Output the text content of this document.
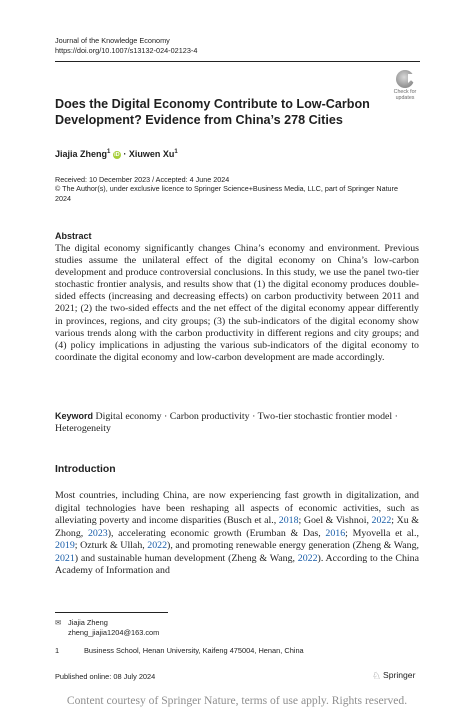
Journal of the Knowledge Economy
https://doi.org/10.1007/s13132-024-02123-4
Check for
updates
Does the Digital Economy Contribute to Low-Carbon
Development? Evidence from China’s 278 Cities
Jiajia Zheng$^1$ iD · Xiuwen Xu$^1$
Received: 10 December 2023 / Accepted: 4 June 2024
© The Author(s), under exclusive licence to Springer Science+Business Media, LLC, part of Springer Nature
2024
Abstract
The digital economy significantly changes China’s economy and environment. Previous studies assume the unilateral effect of the digital economy on China’s low-carbon development and produce controversial conclusions. In this study, we use the panel two-tier stochastic frontier analysis, and results show that (1) the digital economy produces double-sided effects (increasing and decreasing effects) on carbon productivity between 2011 and 2021; (2) the two-sided effects and the net effect of the digital economy appear differently in provinces, regions, and city groups; (3) the sub-indicators of the digital economy show various trends along with the carbon productivity in different regions and city groups; and (4) policy implications in adjusting the various sub-indicators of the digital economy to coordinate the digital economy and low-carbon development are made accordingly.
Keyword Digital economy · Carbon productivity · Two-tier stochastic frontier model · Heterogeneity
Introduction
Most countries, including China, are now experiencing fast growth in digitalization, and digital technologies have been reshaping all aspects of economic activities, such as alleviating poverty and income disparities (Busch et al., 2018; Goel & Vishnoi, 2022; Xu & Zhong, 2023), accelerating economic growth (Erumban & Das, 2016; Myovella et al., 2019; Ozturk & Ullah, 2022), and promoting renewable energy generation (Zheng & Wang, 2021) and sustainable human development (Zheng & Wang, 2022). According to the China Academy of Information and
✉ Jiajia Zheng
zheng_jiajia1204@163.com
1	Business School, Henan University, Kaifeng 475004, Henan, China
Published online: 08 July 2024	♘ Springer
Content courtesy of Springer Nature, terms of use apply. Rights reserved.
